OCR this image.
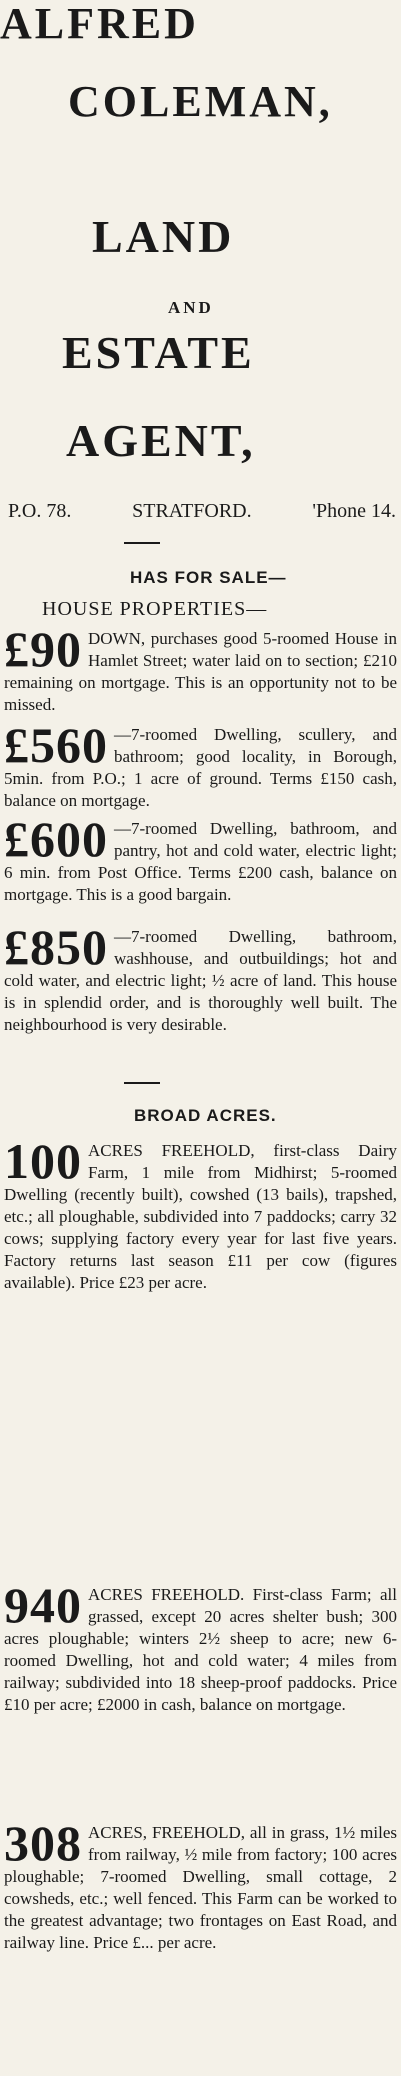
ALFRED
COLEMAN,
LAND
AND
ESTATE
AGENT,
P.O. 78.	STRATFORD.	'Phone 14.
HAS FOR SALE—
HOUSE PROPERTIES—
£90 DOWN, purchases good 5-roomed House in Hamlet Street; water laid on to section; £210 remaining on mortgage. This is an opportunity not to be missed.
£560 —7-roomed Dwelling, scullery, and bathroom; good locality, in Borough, 5min. from P.O.; 1 acre of ground. Terms £150 cash, balance on mortgage.
£600 —7-roomed Dwelling, bathroom, and pantry, hot and cold water, electric light; 6 min. from Post Office. Terms £200 cash, balance on mortgage. This is a good bargain.
£850 —7-roomed Dwelling, bathroom, washhouse, and outbuildings; hot and cold water, and electric light; ½ acre of land. This house is in splendid order, and is thoroughly well built. The neighbourhood is very desirable.
BROAD ACRES.
100 ACRES FREEHOLD, first-class Dairy Farm, 1 mile from Midhirst; 5-roomed Dwelling (recently built), cowshed (13 bails), trapshed, etc.; all ploughable, subdivided into 7 paddocks; carry 32 cows; supplying factory every year for last five years. Factory returns last season £11 per cow (figures available). Price £23 per acre.
940 ACRES FREEHOLD. First-class Farm; all grassed, except 20 acres shelter bush; 300 acres ploughable; winters 2½ sheep to acre; new 6-roomed Dwelling, hot and cold water; 4 miles from railway; subdivided into 18 sheep-proof paddocks. Price £10 per acre; £2000 in cash, balance on mortgage.
308 ACRES, FREEHOLD, all in grass, 1½ miles from railway, ½ mile from factory; 100 acres ploughable; 7-roomed Dwelling, small cottage, 2 cowsheds, etc.; well fenced. This Farm can be worked to the greatest advantage; two frontages on East Road, and railway line. Price £... per acre.
